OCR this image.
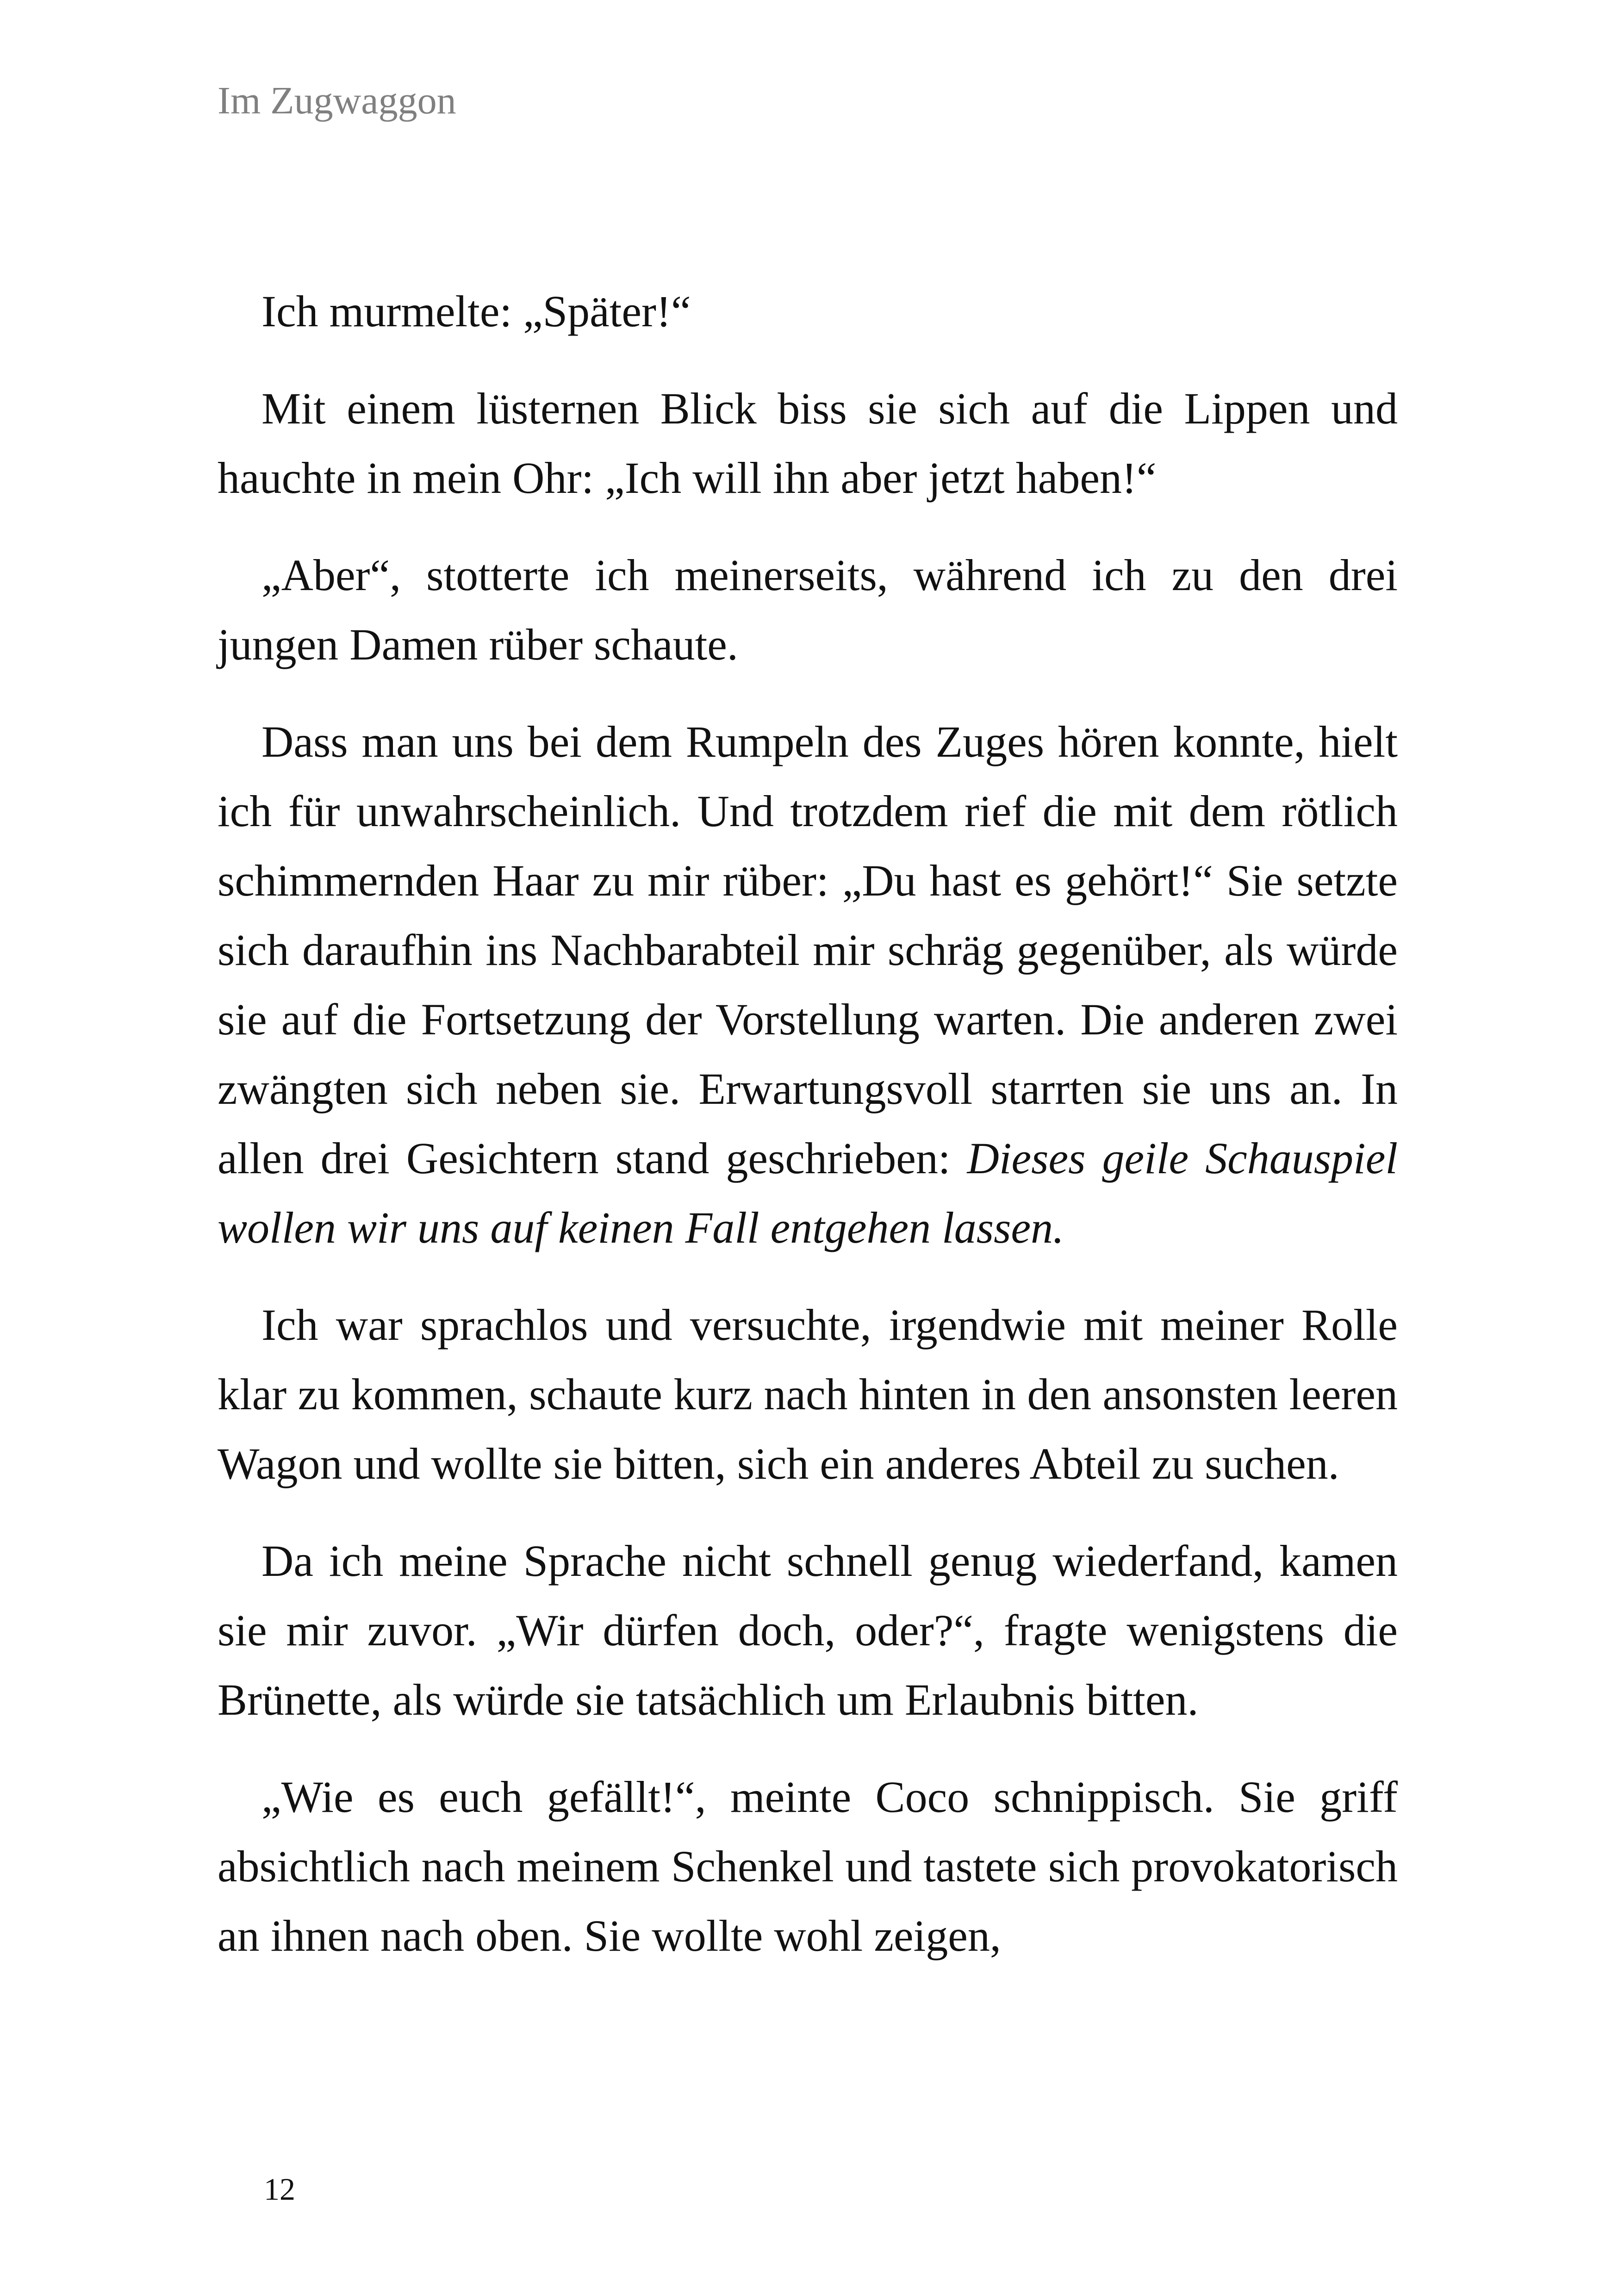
Im Zugwaggon

Ich murmelte: „Später!“

Mit einem lüsternen Blick biss sie sich auf die Lippen und hauchte in mein Ohr: „Ich will ihn aber jetzt haben!“

„Aber“, stotterte ich meinerseits, während ich zu den drei jungen Damen rüber schaute.

Dass man uns bei dem Rumpeln des Zuges hören konnte, hielt ich für unwahrscheinlich. Und trotzdem rief die mit dem rötlich schimmernden Haar zu mir rüber: „Du hast es gehört!“ Sie setzte sich daraufhin ins Nachbarabteil mir schräg gegenüber, als würde sie auf die Fortsetzung der Vorstellung warten. Die anderen zwei zwängten sich neben sie. Erwartungsvoll starrten sie uns an. In allen drei Gesichtern stand geschrieben: Dieses geile Schauspiel wollen wir uns auf keinen Fall entgehen lassen.

Ich war sprachlos und versuchte, irgendwie mit meiner Rolle klar zu kommen, schaute kurz nach hinten in den ansonsten leeren Wagon und wollte sie bitten, sich ein anderes Abteil zu suchen.

Da ich meine Sprache nicht schnell genug wiederfand, kamen sie mir zuvor. „Wir dürfen doch, oder?“, fragte wenigstens die Brünette, als würde sie tatsächlich um Erlaubnis bitten.

„Wie es euch gefällt!“, meinte Coco schnippisch. Sie griff absichtlich nach meinem Schenkel und tastete sich provokatorisch an ihnen nach oben. Sie wollte wohl zeigen,

12
